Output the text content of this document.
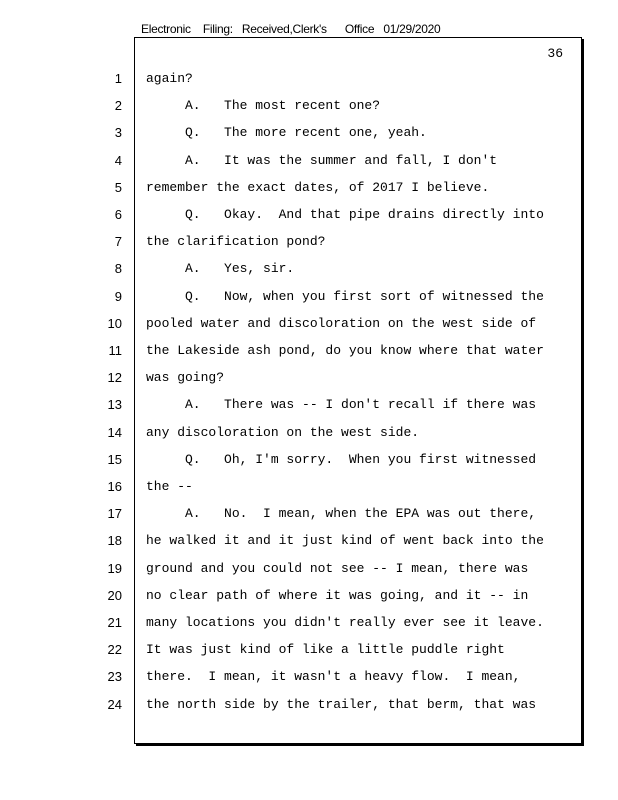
Electronic    Filing:   Received,Clerk's      Office   01/29/2020
36
1 again?
2 A.   The most recent one?
3 Q.   The more recent one, yeah.
4 A.   It was the summer and fall, I don't
5 remember the exact dates, of 2017 I believe.
6 Q.   Okay.  And that pipe drains directly into
7 the clarification pond?
8 A.   Yes, sir.
9 Q.   Now, when you first sort of witnessed the
10 pooled water and discoloration on the west side of
11 the Lakeside ash pond, do you know where that water
12 was going?
13 A.   There was -- I don't recall if there was
14 any discoloration on the west side.
15 Q.   Oh, I'm sorry.  When you first witnessed
16 the --
17 A.   No.  I mean, when the EPA was out there,
18 he walked it and it just kind of went back into the
19 ground and you could not see -- I mean, there was
20 no clear path of where it was going, and it -- in
21 many locations you didn't really ever see it leave.
22 It was just kind of like a little puddle right
23 there.  I mean, it wasn't a heavy flow.  I mean,
24 the north side by the trailer, that berm, that was
